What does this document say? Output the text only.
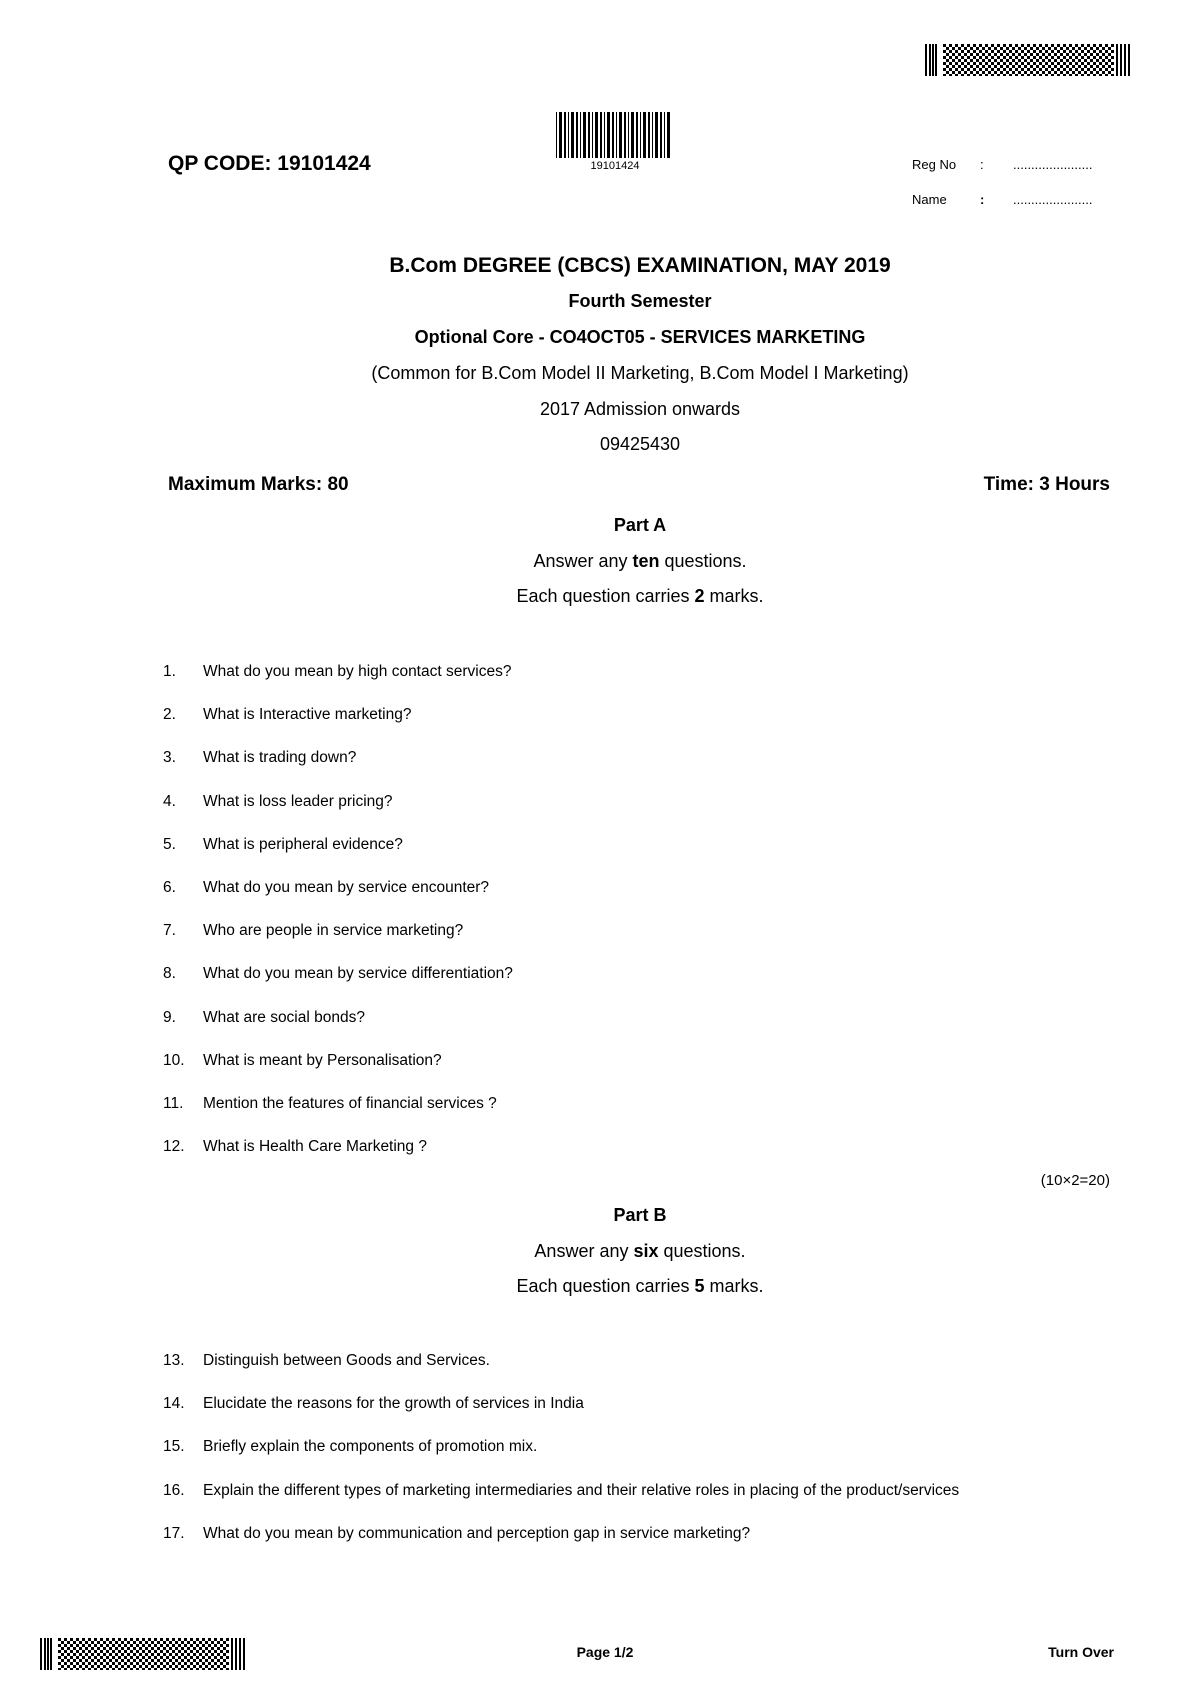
QP CODE: 19101424	19101424	Reg No : ......................
Name	: ......................
B.Com DEGREE (CBCS) EXAMINATION, MAY 2019
Fourth Semester
Optional Core - CO4OCT05 - SERVICES MARKETING
(Common for B.Com Model II Marketing, B.Com Model I Marketing)
2017 Admission onwards
09425430
Maximum Marks: 80	Time: 3 Hours
Part A
Answer any ten questions.
Each question carries 2 marks.
1. What do you mean by high contact services?
2. What is Interactive marketing?
3. What is trading down?
4. What is loss leader pricing?
5. What is peripheral evidence?
6. What do you mean by service encounter?
7. Who are people in service marketing?
8. What do you mean by service differentiation?
9. What are social bonds?
10. What is meant by Personalisation?
11. Mention the features of financial services ?
12. What is Health Care Marketing ?
(10×2=20)
Part B
Answer any six questions.
Each question carries 5 marks.
13. Distinguish between Goods and Services.
14. Elucidate the reasons for the growth of services in India
15. Briefly explain the components of promotion mix.
16. Explain the different types of marketing intermediaries and their relative roles in placing of the product/services
17. What do you mean by communication and perception gap in service marketing?
Page 1/2	Turn Over
